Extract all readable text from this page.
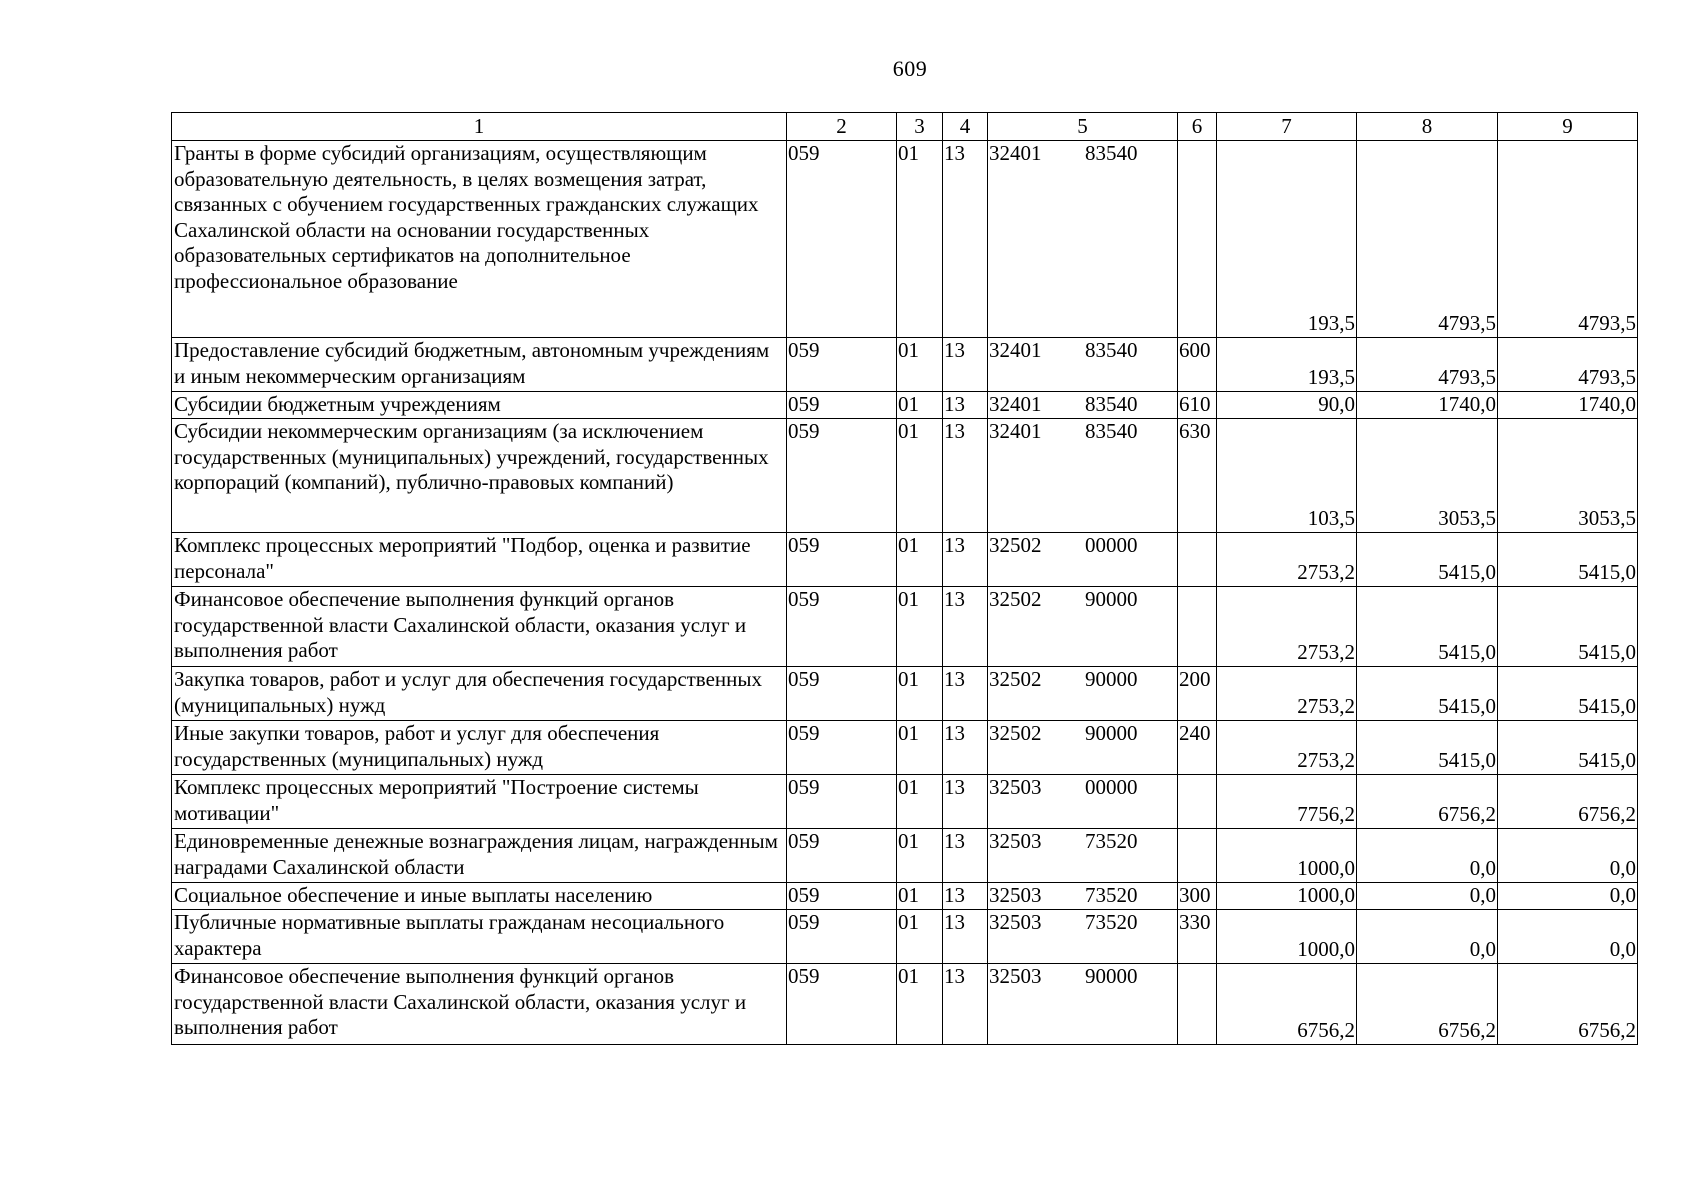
609
1	2	3	4	5	6	7	8	9
Гранты в форме субсидий организациям, осуществляющим образовательную деятельность, в целях возмещения затрат, связанных с обучением государственных гражданских служащих Сахалинской области на основании государственных образовательных сертификатов на дополнительное профессиональное образование	059	01	13	32401 83540		193,5	4793,5	4793,5
Предоставление субсидий бюджетным, автономным учреждениям и иным некоммерческим организациям	059	01	13	32401 83540	600	193,5	4793,5	4793,5
Субсидии бюджетным учреждениям	059	01	13	32401 83540	610	90,0	1740,0	1740,0
Субсидии некоммерческим организациям (за исключением государственных (муниципальных) учреждений, государственных корпораций (компаний), публично-правовых компаний)	059	01	13	32401 83540	630	103,5	3053,5	3053,5
Комплекс процессных мероприятий "Подбор, оценка и развитие персонала"	059	01	13	32502 00000		2753,2	5415,0	5415,0
Финансовое обеспечение выполнения функций органов государственной власти Сахалинской области, оказания услуг и выполнения работ	059	01	13	32502 90000		2753,2	5415,0	5415,0
Закупка товаров, работ и услуг для обеспечения государственных (муниципальных) нужд	059	01	13	32502 90000	200	2753,2	5415,0	5415,0
Иные закупки товаров, работ и услуг для обеспечения государственных (муниципальных) нужд	059	01	13	32502 90000	240	2753,2	5415,0	5415,0
Комплекс процессных мероприятий "Построение системы мотивации"	059	01	13	32503 00000		7756,2	6756,2	6756,2
Единовременные денежные вознаграждения лицам, награжденным наградами Сахалинской области	059	01	13	32503 73520		1000,0	0,0	0,0
Социальное обеспечение и иные выплаты населению	059	01	13	32503 73520	300	1000,0	0,0	0,0
Публичные нормативные выплаты гражданам несоциального характера	059	01	13	32503 73520	330	1000,0	0,0	0,0
Финансовое обеспечение выполнения функций органов государственной власти Сахалинской области, оказания услуг и выполнения работ	059	01	13	32503 90000		6756,2	6756,2	6756,2
